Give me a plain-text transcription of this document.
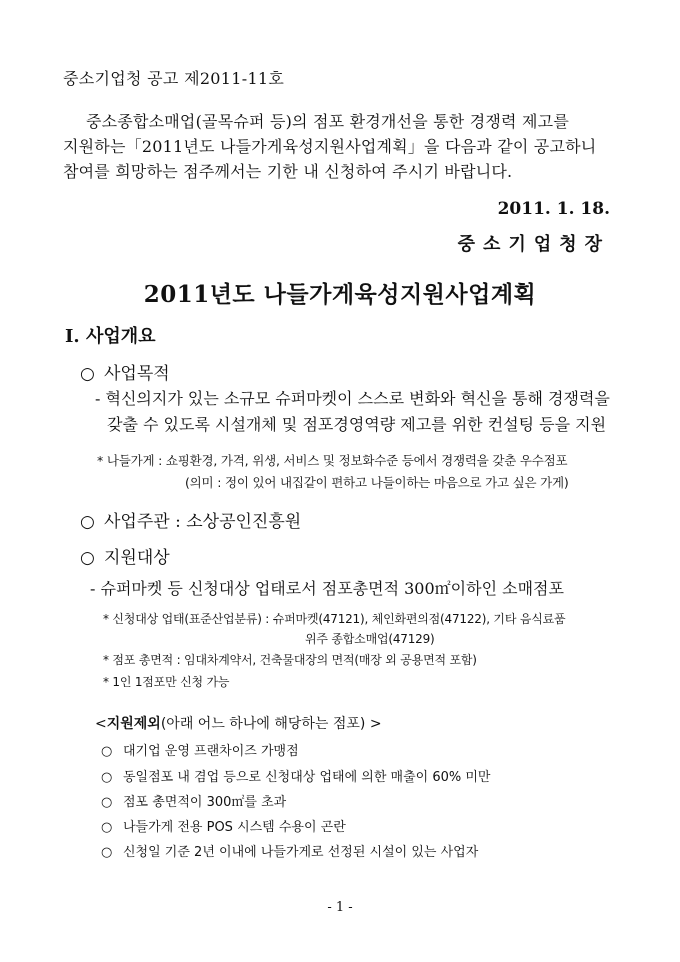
중소기업청 공고 제2011-11호
중소종합소매업(골목슈퍼 등)의 점포 환경개선을 통한 경쟁력 제고를
지원하는「2011년도 나들가게육성지원사업계획」을 다음과 같이 공고하니
참여를 희망하는 점주께서는 기한 내 신청하여 주시기 바랍니다.
2011. 1. 18.
중소기업청장
2011년도 나들가게육성지원사업계획
Ⅰ. 사업개요
○ 사업목적
- 혁신의지가 있는 소규모 슈퍼마켓이 스스로 변화와 혁신을 통해 경쟁력을
갖출 수 있도록 시설개체 및 점포경영역량 제고를 위한 컨설팅 등을 지원
* 나들가게 : 쇼핑환경, 가격, 위생, 서비스 및 정보화수준 등에서 경쟁력을 갖춘 우수점포
(의미 : 정이 있어 내집같이 편하고 나들이하는 마음으로 가고 싶은 가게)
○ 사업주관 : 소상공인진흥원
○ 지원대상
- 슈퍼마켓 등 신청대상 업태로서 점포총면적 300㎡이하인 소매점포
* 신청대상 업태(표준산업분류) : 슈퍼마켓(47121), 체인화편의점(47122), 기타 음식료품
위주 종합소매업(47129)
* 점포 총면적 : 임대차계약서, 건축물대장의 면적(매장 외 공용면적 포함)
* 1인 1점포만 신청 가능
<지원제외(아래 어느 하나에 해당하는 점포) >
○ 대기업 운영 프랜차이즈 가맹점
○ 동일점포 내 겸업 등으로 신청대상 업태에 의한 매출이 60% 미만
○ 점포 총면적이 300㎡를 초과
○ 나들가게 전용 POS 시스템 수용이 곤란
○ 신청일 기준 2년 이내에 나들가게로 선정된 시설이 있는 사업자
- 1 -
